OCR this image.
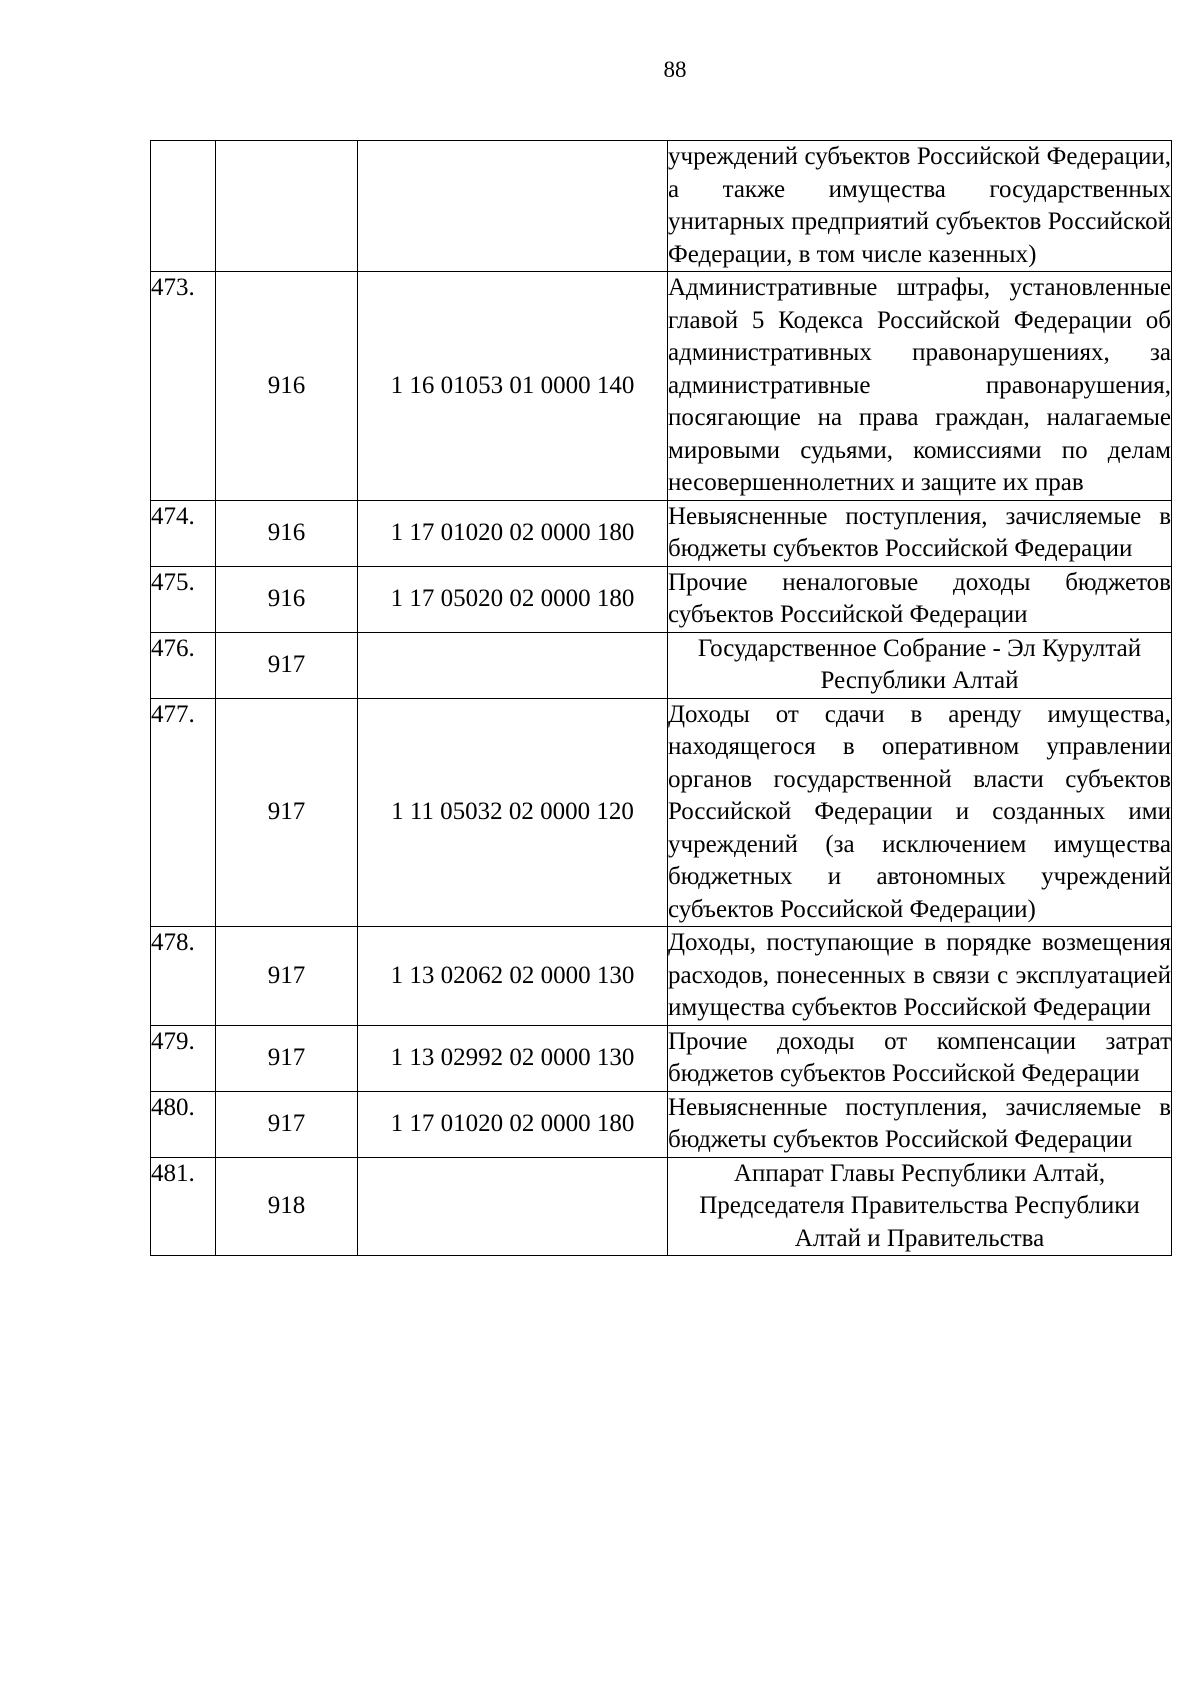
88

			учреждений субъектов Российской Федерации, а также имущества государственных унитарных предприятий субъектов Российской Федерации, в том числе казенных)

473.	916	1 16 01053 01 0000 140	Административные штрафы, установленные главой 5 Кодекса Российской Федерации об административных правонарушениях, за административные правонарушения, посягающие на права граждан, налагаемые мировыми судьями, комиссиями по делам несовершеннолетних и защите их прав

474.	916	1 17 01020 02 0000 180	Невыясненные поступления, зачисляемые в бюджеты субъектов Российской Федерации

475.	916	1 17 05020 02 0000 180	Прочие неналоговые доходы бюджетов субъектов Российской Федерации

476.	917		Государственное Собрание - Эл Курултай Республики Алтай

477.	917	1 11 05032 02 0000 120	Доходы от сдачи в аренду имущества, находящегося в оперативном управлении органов государственной власти субъектов Российской Федерации и созданных ими учреждений (за исключением имущества бюджетных и автономных учреждений субъектов Российской Федерации)

478.	917	1 13 02062 02 0000 130	Доходы, поступающие в порядке возмещения расходов, понесенных в связи с эксплуатацией имущества субъектов Российской Федерации

479.	917	1 13 02992 02 0000 130	Прочие доходы от компенсации затрат бюджетов субъектов Российской Федерации

480.	917	1 17 01020 02 0000 180	Невыясненные поступления, зачисляемые в бюджеты субъектов Российской Федерации

481.	918		Аппарат Главы Республики Алтай, Председателя Правительства Республики Алтай и Правительства
